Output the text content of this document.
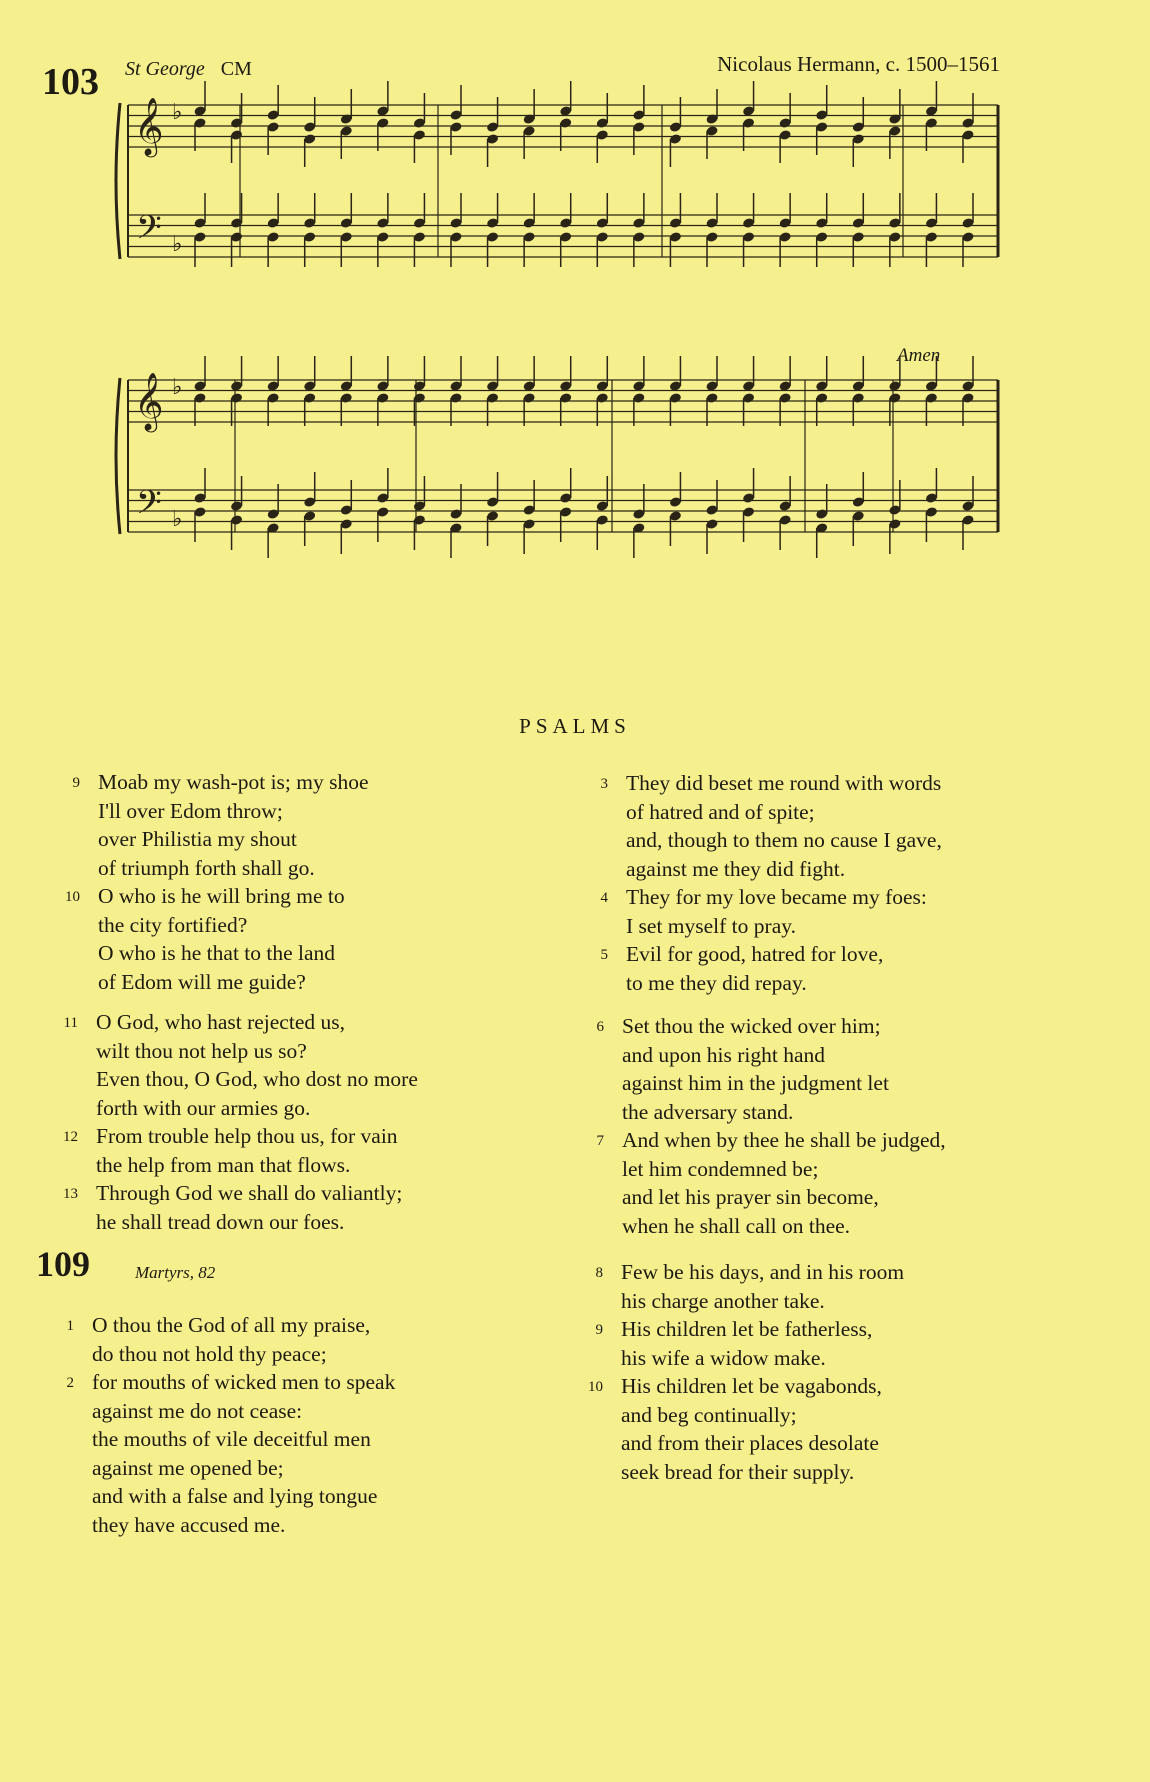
103 St George CM	Nicolaus Hermann, c. 1500–1561
Amen
𝄞
𝄢
♭
♭
𝄞
𝄢
♭
♭
PSALMS
9 Moab my wash-pot is; my shoe
I'll over Edom throw;
over Philistia my shout
of triumph forth shall go.
10 O who is he will bring me to
the city fortified?
O who is he that to the land
of Edom will me guide?
11 O God, who hast rejected us,
wilt thou not help us so?
Even thou, O God, who dost no more
forth with our armies go.
12 From trouble help thou us, for vain
the help from man that flows.
13 Through God we shall do valiantly;
he shall tread down our foes.
109	Martyrs, 82
1 O thou the God of all my praise,
do thou not hold thy peace;
2 for mouths of wicked men to speak
against me do not cease:
the mouths of vile deceitful men
against me opened be;
and with a false and lying tongue
they have accused me.
3 They did beset me round with words
of hatred and of spite;
and, though to them no cause I gave,
against me they did fight.
4 They for my love became my foes:
I set myself to pray.
5 Evil for good, hatred for love,
to me they did repay.
6 Set thou the wicked over him;
and upon his right hand
against him in the judgment let
the adversary stand.
7 And when by thee he shall be judged,
let him condemned be;
and let his prayer sin become,
when he shall call on thee.
8 Few be his days, and in his room
his charge another take.
9 His children let be fatherless,
his wife a widow make.
10 His children let be vagabonds,
and beg continually;
and from their places desolate
seek bread for their supply.
